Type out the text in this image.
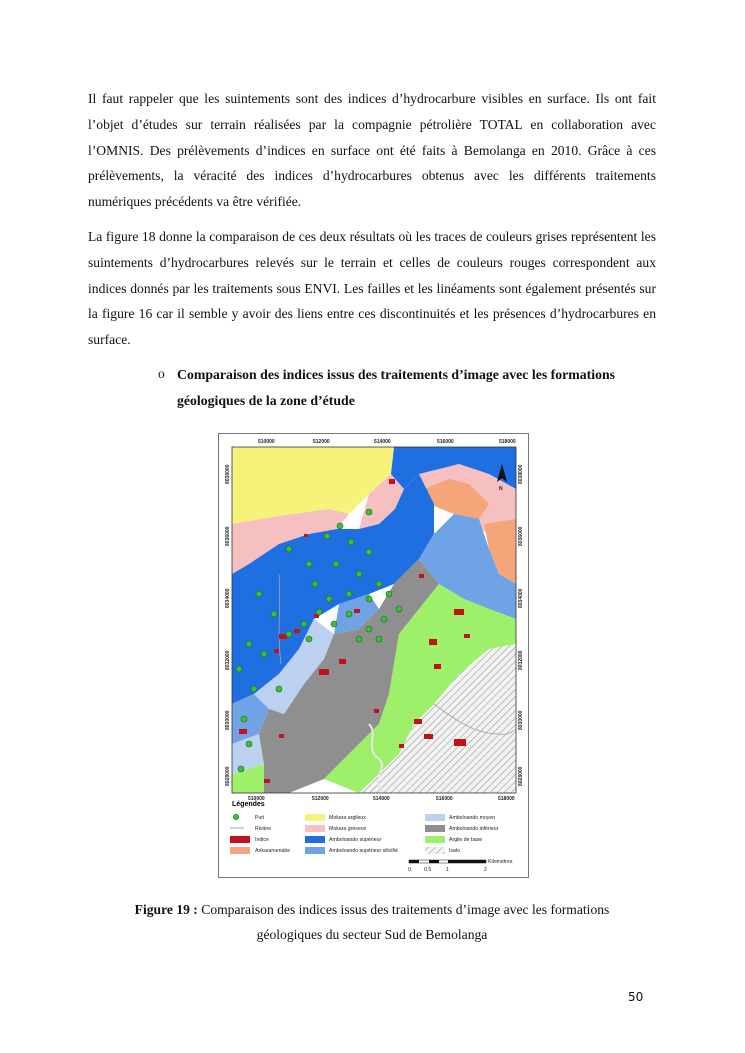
Il faut rappeler que les suintements sont des indices d’hydrocarbure visibles en surface. Ils ont fait l’objet d’études sur terrain réalisées par la compagnie pétrolière TOTAL en collaboration avec l’OMNIS. Des prélèvements d’indices en surface ont été faits à Bemolanga en 2010. Grâce à ces prélèvements, la véracité des indices d’hydrocarbures obtenus avec les différents traitements numériques précédents va être vérifiée.

La figure 18 donne la comparaison de ces deux résultats où les traces de couleurs grises représentent les suintements d’hydrocarbures relevés sur le terrain et celles de couleurs rouges correspondent aux indices donnés par les traitements sous ENVI. Les failles et les linéaments sont également présentés sur la figure 16 car il semble y avoir des liens entre ces discontinuités et les présences d’hydrocarbures en surface.

o Comparaison des indices issus des traitements d’image avec les formations géologiques de la zone d’étude

510000	512000	514000	516000	518000
510000	512000	514000	516000	518000
8038000
8036000
8034000
8032000
8030000
8028000
8038000
8036000
8034000
8032000
8030000
8028000
N
Légendes
Puit
Rivière
Indice
Ankaramenabe
Mokara argileux
Mokara gréseux
Amboloando supérieur
Amboloando supérieur silicifié
Amboloando moyen
Amboloando inférieur
Argile de base
Isalo
0	0.5	1	2
Kilomètres

Figure 19 : Comparaison des indices issus des traitements d’image avec les formations

géologiques du secteur Sud de Bemolanga

50
